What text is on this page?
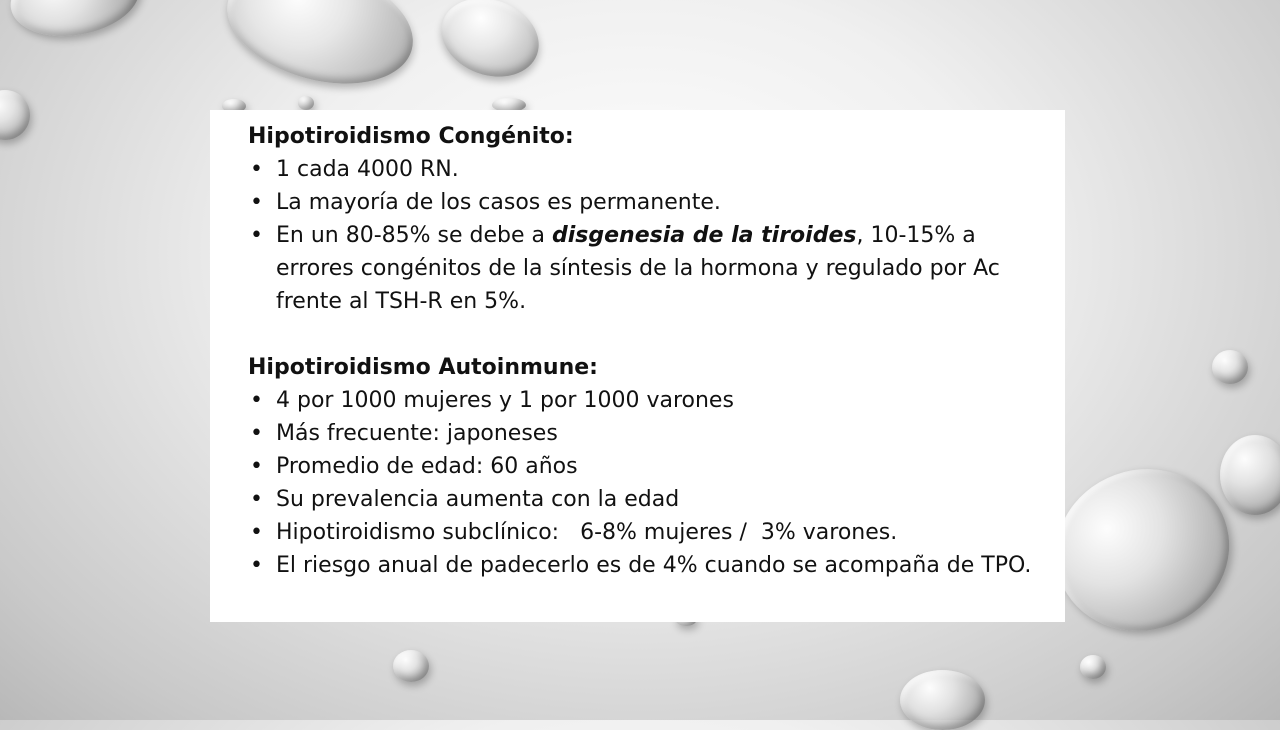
Hipotiroidismo Congénito:
• 1 cada 4000 RN.
• La mayoría de los casos es permanente.
• En un 80-85% se debe a disgenesia de la tiroides, 10-15% a errores congénitos de la síntesis de la hormona y regulado por Ac frente al TSH-R en 5%.
Hipotiroidismo Autoinmune:
• 4 por 1000 mujeres y 1 por 1000 varones
• Más frecuente: japoneses
• Promedio de edad: 60 años
• Su prevalencia aumenta con la edad
• Hipotiroidismo subclínico:   6-8% mujeres /  3% varones.
• El riesgo anual de padecerlo es de 4% cuando se acompaña de TPO.
